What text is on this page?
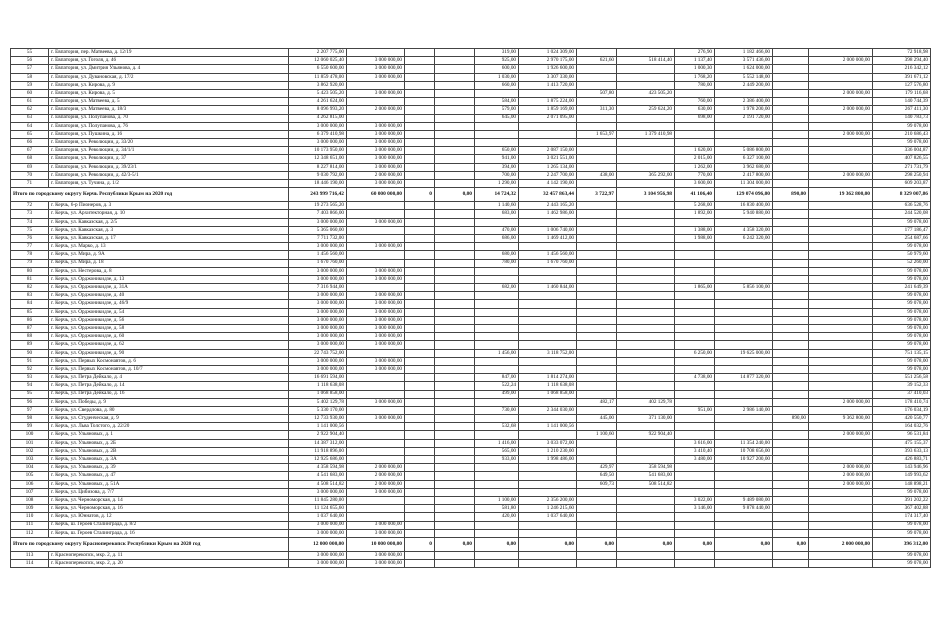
55	г. Евпатория, пер. Матвеева, д. 12/19	2 207 775,00				319,00	1 024 309,00			276,90	1 182 466,00			72 918,98
56	г. Евпатория, ул. Гоголя, д. 46	12 060 025,40	3 000 000,00			925,00	2 970 175,00	621,60	518 414,40	1 137,40	3 571 436,00		2 000 000,00	398 294,40
57	г. Евпатория, ул. Дмитрия Ульянова, д. 4	6 550 600,00	3 000 000,00			600,00	1 926 600,00			1 000,30	1 624 000,00			216 342,12
58	г. Евпатория, ул. Дувановская, д. 17/2	11 859 478,00	3 000 000,00			1 030,00	3 307 330,00			1 768,20	5 552 148,00			391 671,12
59	г. Евпатория, ул. Кирова, д. 9	3 862 920,00				660,00	1 413 720,00			780,00	2 449 200,00			127 576,80
60	г. Евпатория, ул. Кирова, д. 5	5 423 505,20	3 000 000,00					507,80	423 505,20				2 000 000,00	179 116,68
61	г. Евпатория, ул. Матвеева, д. 5	4 261 624,00				584,00	1 875 224,00			760,00	2 386 400,00			140 744,39
62	г. Евпатория, ул. Матвеева, д. 18/3	8 096 993,20	2 000 000,00			579,00	1 859 169,00	311,30	259 624,20	630,00	1 978 200,00		2 000 000,00	267 411,30
63	г. Евпатория, ул. Полупанова, д. 70	4 262 815,00				645,00	2 071 095,00			698,00	2 191 720,00			140 783,73
64	г. Евпатория, ул. Полупанова, д. 76	3 000 000,00	3 000 000,00											99 078,00
65	г. Евпатория, ул. Пушкина, д. 16	6 379 410,98	3 000 000,00					1 653,97	1 379 410,98				2 000 000,00	210 686,43
66	г. Евпатория, ул. Революции, д. 33/20	3 000 000,00	3 000 000,00											99 078,00
67	г. Евпатория, ул. Революции, д. 34/1/1	10 173 950,00	3 000 000,00			650,00	2 087 150,00			1 620,00	5 086 800,00			336 004,87
68	г. Евпатория, ул. Революции, д. 37	12 348 651,00	3 000 000,00			941,00	3 021 551,00			2 015,00	6 327 100,00			407 826,55
69	г. Евпатория, ул. Революции, д. 39/23/1	8 227 814,00	3 000 000,00			394,00	1 265 134,00			1 262,00	3 962 680,00			271 731,79
70	г. Евпатория, ул. Революции, д. 42/3-5/1	9 030 792,00	2 000 000,00			700,00	2 247 700,00	438,00	365 292,00	770,00	2 417 800,00		2 000 000,00	298 250,94
71	г. Евпатория, ул. Тучина, д. 1/2	18 446 190,00	3 000 000,00			1 290,00	4 142 190,00			3 600,00	11 304 000,00			609 203,87
Итого по городскому округу Керчь Республики Крым на 2020 год		243 999 716,42	60 000 000,00	0	0,00	14 724,32	32 457 863,44	3 722,97	3 104 956,98	41 106,40	129 074 096,00	890,00	19 362 800,00	8 329 007,86
72	г. Керчь, 6-р Пионеров, д. 3	19 273 565,20				1 140,60	2 443 165,20			5 268,00	16 830 400,00			636 528,76
73	г. Керчь, ул. Архитекторная, д. 10	7 403 866,00				683,00	1 462 986,00			1 892,00	5 940 880,00			244 520,08
74	г. Керчь, ул. Кавказская, д. 2/5	3 000 000,00	3 000 000,00											99 078,00
75	г. Керчь, ул. Кавказская, д. 3	5 365 060,00				470,00	1 006 740,00			1 388,00	4 358 320,00			177 186,47
76	г. Керчь, ул. Кавказская, д. 17	7 711 732,00				686,00	1 469 412,00			1 988,00	6 242 320,00			254 687,66
77	г. Керчь, ул. Марко, д. 13	3 000 000,00	3 000 000,00											99 078,00
78	г. Керчь, ул. Мира, д. 9А	1 456 560,00				680,00	1 456 560,00							50 979,60
79	г. Керчь, ул. Мира, д. 18	1 670 760,00				780,00	1 670 760,00							52 260,00
80	г. Керчь, ул. Нестерова, д. 8	3 000 000,00	3 000 000,00											99 078,00
81	г. Керчь, ул. Орджоникидзе, д. 13	3 000 000,00	3 000 000,00											99 078,00
82	г. Керчь, ул. Орджоникидзе, д. 31А	7 316 944,00				682,00	1 460 844,00			1 865,00	5 856 100,00			241 649,39
83	г. Керчь, ул. Орджоникидзе, д. 40	3 000 000,00	3 000 000,00											99 078,00
84	г. Керчь, ул. Орджоникидзе, д. 46/9	3 000 000,00	3 000 000,00											99 078,00
85	г. Керчь, ул. Орджоникидзе, д. 54	3 000 000,00	3 000 000,00											99 078,00
86	г. Керчь, ул. Орджоникидзе, д. 56	3 000 000,00	3 000 000,00											99 078,00
87	г. Керчь, ул. Орджоникидзе, д. 58	3 000 000,00	3 000 000,00											99 078,00
88	г. Керчь, ул. Орджоникидзе, д. 60	3 000 000,00	3 000 000,00											99 078,00
89	г. Керчь, ул. Орджоникидзе, д. 62	3 000 000,00	3 000 000,00											99 078,00
90	г. Керчь, ул. Орджоникидзе, д. 90	22 743 752,00				1 456,00	3 118 752,00			6 250,00	19 625 000,00			751 135,15
91	г. Керчь, ул. Первых Космонавтов, д. 6	3 000 000,00	3 000 000,00											99 078,00
92	г. Керчь, ул. Первых Космонавтов, д. 10/7	3 000 000,00	3 000 000,00											99 078,00
93	г. Керчь, ул. Петра Дейкало, д. 4	16 691 594,00				847,00	1 814 274,00			4 738,00	14 877 320,00			551 256,58
94	г. Керчь, ул. Петра Дейкало, д. 14	1 118 638,08				522,24	1 118 638,08							39 152,33
95	г. Керчь, ул. Петра Дейкало, д. 16	1 068 858,00				499,00	1 068 858,00							37 410,03
96	г. Керчь, ул. Победы, д. 9	5 402 129,78	3 000 000,00					482,17	402 129,78				2 000 000,00	178 410,74
97	г. Керчь, ул. Свердлова, д. 80	5 330 170,00				730,00	2 344 030,00			951,00	2 986 140,00			176 034,19
98	г. Керчь, ул. Студенческая, д. 9	12 733 930,00	3 000 000,00					445,00	371 130,00			890,00	9 362 800,00	420 550,77
99	г. Керчь, ул. Льва Толстого, д. 22/20	1 141 000,56				532,68	1 141 000,56							164 032,76
100	г. Керчь, ул. Ульяновых, д. 1	2 922 904,40						1 100,60	922 904,40				2 000 000,00	96 531,84
101	г. Керчь, ул. Ульяновых, д. 2Б	14 387 312,00				1 416,00	3 033 072,00			3 616,00	11 354 240,00			475 155,37
102	г. Керчь, ул. Ульяновых, д. 2В	11 918 896,00				565,00	1 210 230,00			3 410,40	10 708 656,00			393 633,13
103	г. Керчь, ул. Ульяновых, д. 3А	12 925 686,00				933,00	1 998 486,00			3 480,00	10 927 200,00			426 883,71
104	г. Керчь, ул. Ульяновых, д. 39	4 358 594,98	2 000 000,00					429,97	358 594,98				2 000 000,00	143 946,96
105	г. Керчь, ул. Ульяновых, д. 47	4 541 683,00	2 000 000,00					649,50	541 683,00				2 000 000,00	149 993,62
106	г. Керчь, ул. Ульяновых, д. 51А	4 508 514,82	2 000 000,00					609,73	508 514,82				2 000 000,00	148 898,21
107	г. Керчь, ул. Цибизова, д. 7/7	3 000 000,00	3 000 000,00											99 078,00
108	г. Керчь, ул. Черноморская, д. 14	11 845 280,00				1 100,00	2 356 200,00			3 022,00	9 489 080,00			391 202,22
109	г. Керчь, ул. Черноморская, д. 16	11 124 655,60				581,80	1 246 215,60			3 146,00	9 878 440,00			367 402,88
110	г. Керчь, ул. Юннатов, д. 12	1 037 640,00				420,00	1 037 640,00							174 317,40
111	г. Керчь, ш. Героев Сталинграда, д. 8/2	3 000 000,00	3 000 000,00											99 078,00
112	г. Керчь, ш. Героев Сталинграда, д. 16	3 000 000,00	3 000 000,00											99 078,00
Итого по городскому округу Красноперекопск Республики Крым на 2020 год		12 000 000,00	10 000 000,00	0	0,00	0,00	0,00	0,00	0,00	0,00	0,00	0,00	2 000 000,00	396 312,00
113	г. Красноперекопск, мкр. 2, д. 11	3 000 000,00	3 000 000,00											99 078,00
114	г. Красноперекопск, мкр. 2, д. 20	3 000 000,00	3 000 000,00											99 078,00
